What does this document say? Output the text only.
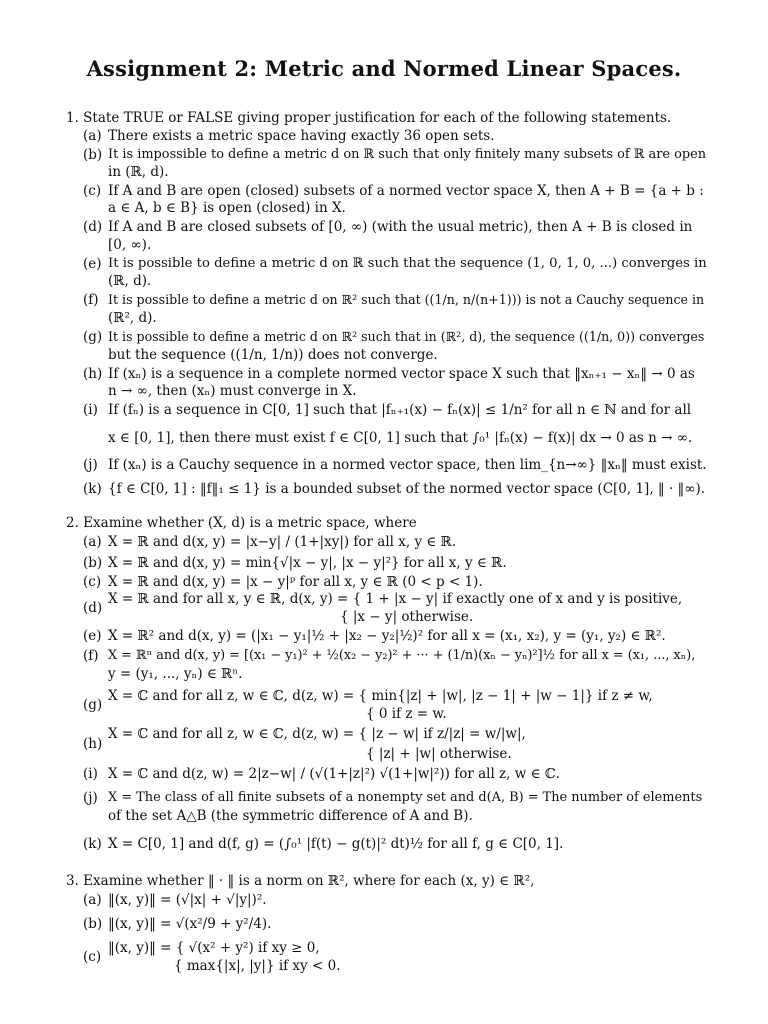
Assignment 2: Metric and Normed Linear Spaces.
1. State TRUE or FALSE giving proper justification for each of the following statements.
(a) There exists a metric space having exactly 36 open sets.
(b) It is impossible to define a metric d on ℝ such that only finitely many subsets of ℝ are open
in (ℝ, d).
(c) If A and B are open (closed) subsets of a normed vector space X, then A + B = {a + b :
a ∈ A, b ∈ B} is open (closed) in X.
(d) If A and B are closed subsets of [0, ∞) (with the usual metric), then A + B is closed in
[0, ∞).
(e) It is possible to define a metric d on ℝ such that the sequence (1, 0, 1, 0, ...) converges in
(ℝ, d).
(f) It is possible to define a metric d on ℝ² such that ((1/n, n/(n+1))) is not a Cauchy sequence in
(ℝ², d).
(g) It is possible to define a metric d on ℝ² such that in (ℝ², d), the sequence ((1/n, 0)) converges
but the sequence ((1/n, 1/n)) does not converge.
(h) If (xₙ) is a sequence in a complete normed vector space X such that ‖xₙ₊₁ − xₙ‖ → 0 as
n → ∞, then (xₙ) must converge in X.
(i) If (fₙ) is a sequence in C[0, 1] such that |fₙ₊₁(x) − fₙ(x)| ≤ 1/n² for all n ∈ ℕ and for all
x ∈ [0, 1], then there must exist f ∈ C[0, 1] such that ∫₀¹ |fₙ(x) − f(x)| dx → 0 as n → ∞.
(j) If (xₙ) is a Cauchy sequence in a normed vector space, then lim_{n→∞} ‖xₙ‖ must exist.
(k) {f ∈ C[0, 1] : ‖f‖₁ ≤ 1} is a bounded subset of the normed vector space (C[0, 1], ‖ · ‖∞).
2. Examine whether (X, d) is a metric space, where
(a) X = ℝ and d(x, y) = |x−y| / (1+|xy|) for all x, y ∈ ℝ.
(b) X = ℝ and d(x, y) = min{√|x − y|, |x − y|²} for all x, y ∈ ℝ.
(c) X = ℝ and d(x, y) = |x − y|ᵖ for all x, y ∈ ℝ (0 < p < 1).
(d)
X = ℝ and for all x, y ∈ ℝ, d(x, y) = { 1 + |x − y| if exactly one of x and y is positive,
{ |x − y| otherwise.
(e) X = ℝ² and d(x, y) = (|x₁ − y₁|½ + |x₂ − y₂|½)² for all x = (x₁, x₂), y = (y₁, y₂) ∈ ℝ².
(f) X = ℝⁿ and d(x, y) = [(x₁ − y₁)² + ½(x₂ − y₂)² + ··· + (1/n)(xₙ − yₙ)²]½ for all x = (x₁, ..., xₙ),
y = (y₁, ..., yₙ) ∈ ℝⁿ.
(g)
X = ℂ and for all z, w ∈ ℂ, d(z, w) = { min{|z| + |w|, |z − 1| + |w − 1|} if z ≠ w,
{ 0 if z = w.
(h)
X = ℂ and for all z, w ∈ ℂ, d(z, w) = { |z − w| if z/|z| = w/|w|,
{ |z| + |w| otherwise.
(i) X = ℂ and d(z, w) = 2|z−w| / (√(1+|z|²) √(1+|w|²)) for all z, w ∈ ℂ.
(j) X = The class of all finite subsets of a nonempty set and d(A, B) = The number of elements
of the set A△B (the symmetric difference of A and B).
(k) X = C[0, 1] and d(f, g) = (∫₀¹ |f(t) − g(t)|² dt)½ for all f, g ∈ C[0, 1].
3. Examine whether ‖ · ‖ is a norm on ℝ², where for each (x, y) ∈ ℝ²,
(a) ‖(x, y)‖ = (√|x| + √|y|)².
(b) ‖(x, y)‖ = √(x²/9 + y²/4).
(c)
‖(x, y)‖ = { √(x² + y²) if xy ≥ 0,
{ max{|x|, |y|} if xy < 0.
